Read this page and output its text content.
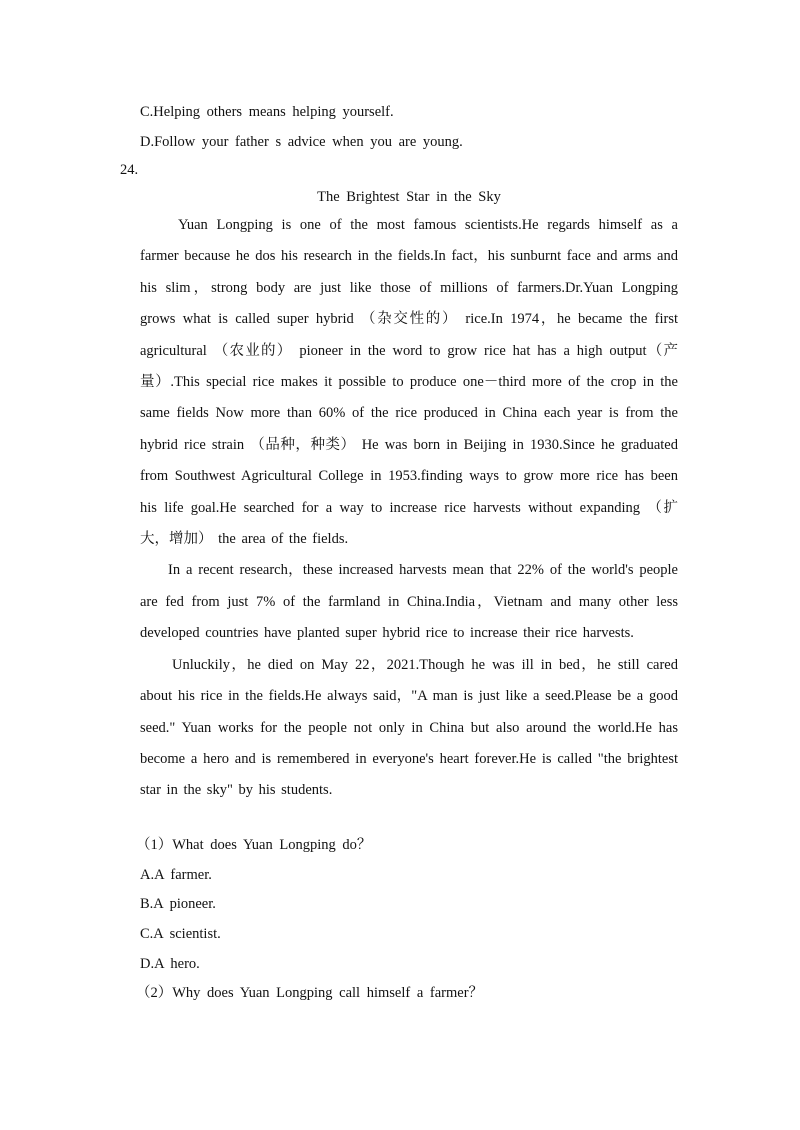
C.Helping others means helping yourself.

D.Follow your father s advice when you are young.

24.
The Brightest Star in the Sky

Yuan Longping is one of the most famous scientists.He regards himself as a farmer because he dos his research in the fields.In fact，his sunburnt face and arms and his slim，strong body are just like those of millions of farmers.Dr.Yuan Longping grows what is called super hybrid （杂交性的） rice.In 1974，he became the first agricultural （农业的） pioneer in the word to grow rice hat has a high output（产量）.This special rice makes it possible to produce one－third more of the crop in the same fields Now more than 60% of the rice produced in China each year is from the hybrid rice strain （品种，种类） He was born in Beijing in 1930.Since he graduated from Southwest Agricultural College in 1953.finding ways to grow more rice has been his life goal.He searched for a way to increase rice harvests without expanding （扩大，增加） the area of the fields.

In a recent research，these increased harvests mean that 22% of the world's people are fed from just 7% of the farmland in China.India，Vietnam and many other less developed countries have planted super hybrid rice to increase their rice harvests.

Unluckily，he died on May 22，2021.Though he was ill in bed，he still cared about his rice in the fields.He always said，"A man is just like a seed.Please be a good seed." Yuan works for the people not only in China but also around the world.He has become a hero and is remembered in everyone's heart forever.He is called "the brightest star in the sky" by his students.

（1）What does Yuan Longping do？

A.A farmer.

B.A pioneer.

C.A scientist.

D.A hero.

（2）Why does Yuan Longping call himself a farmer？
